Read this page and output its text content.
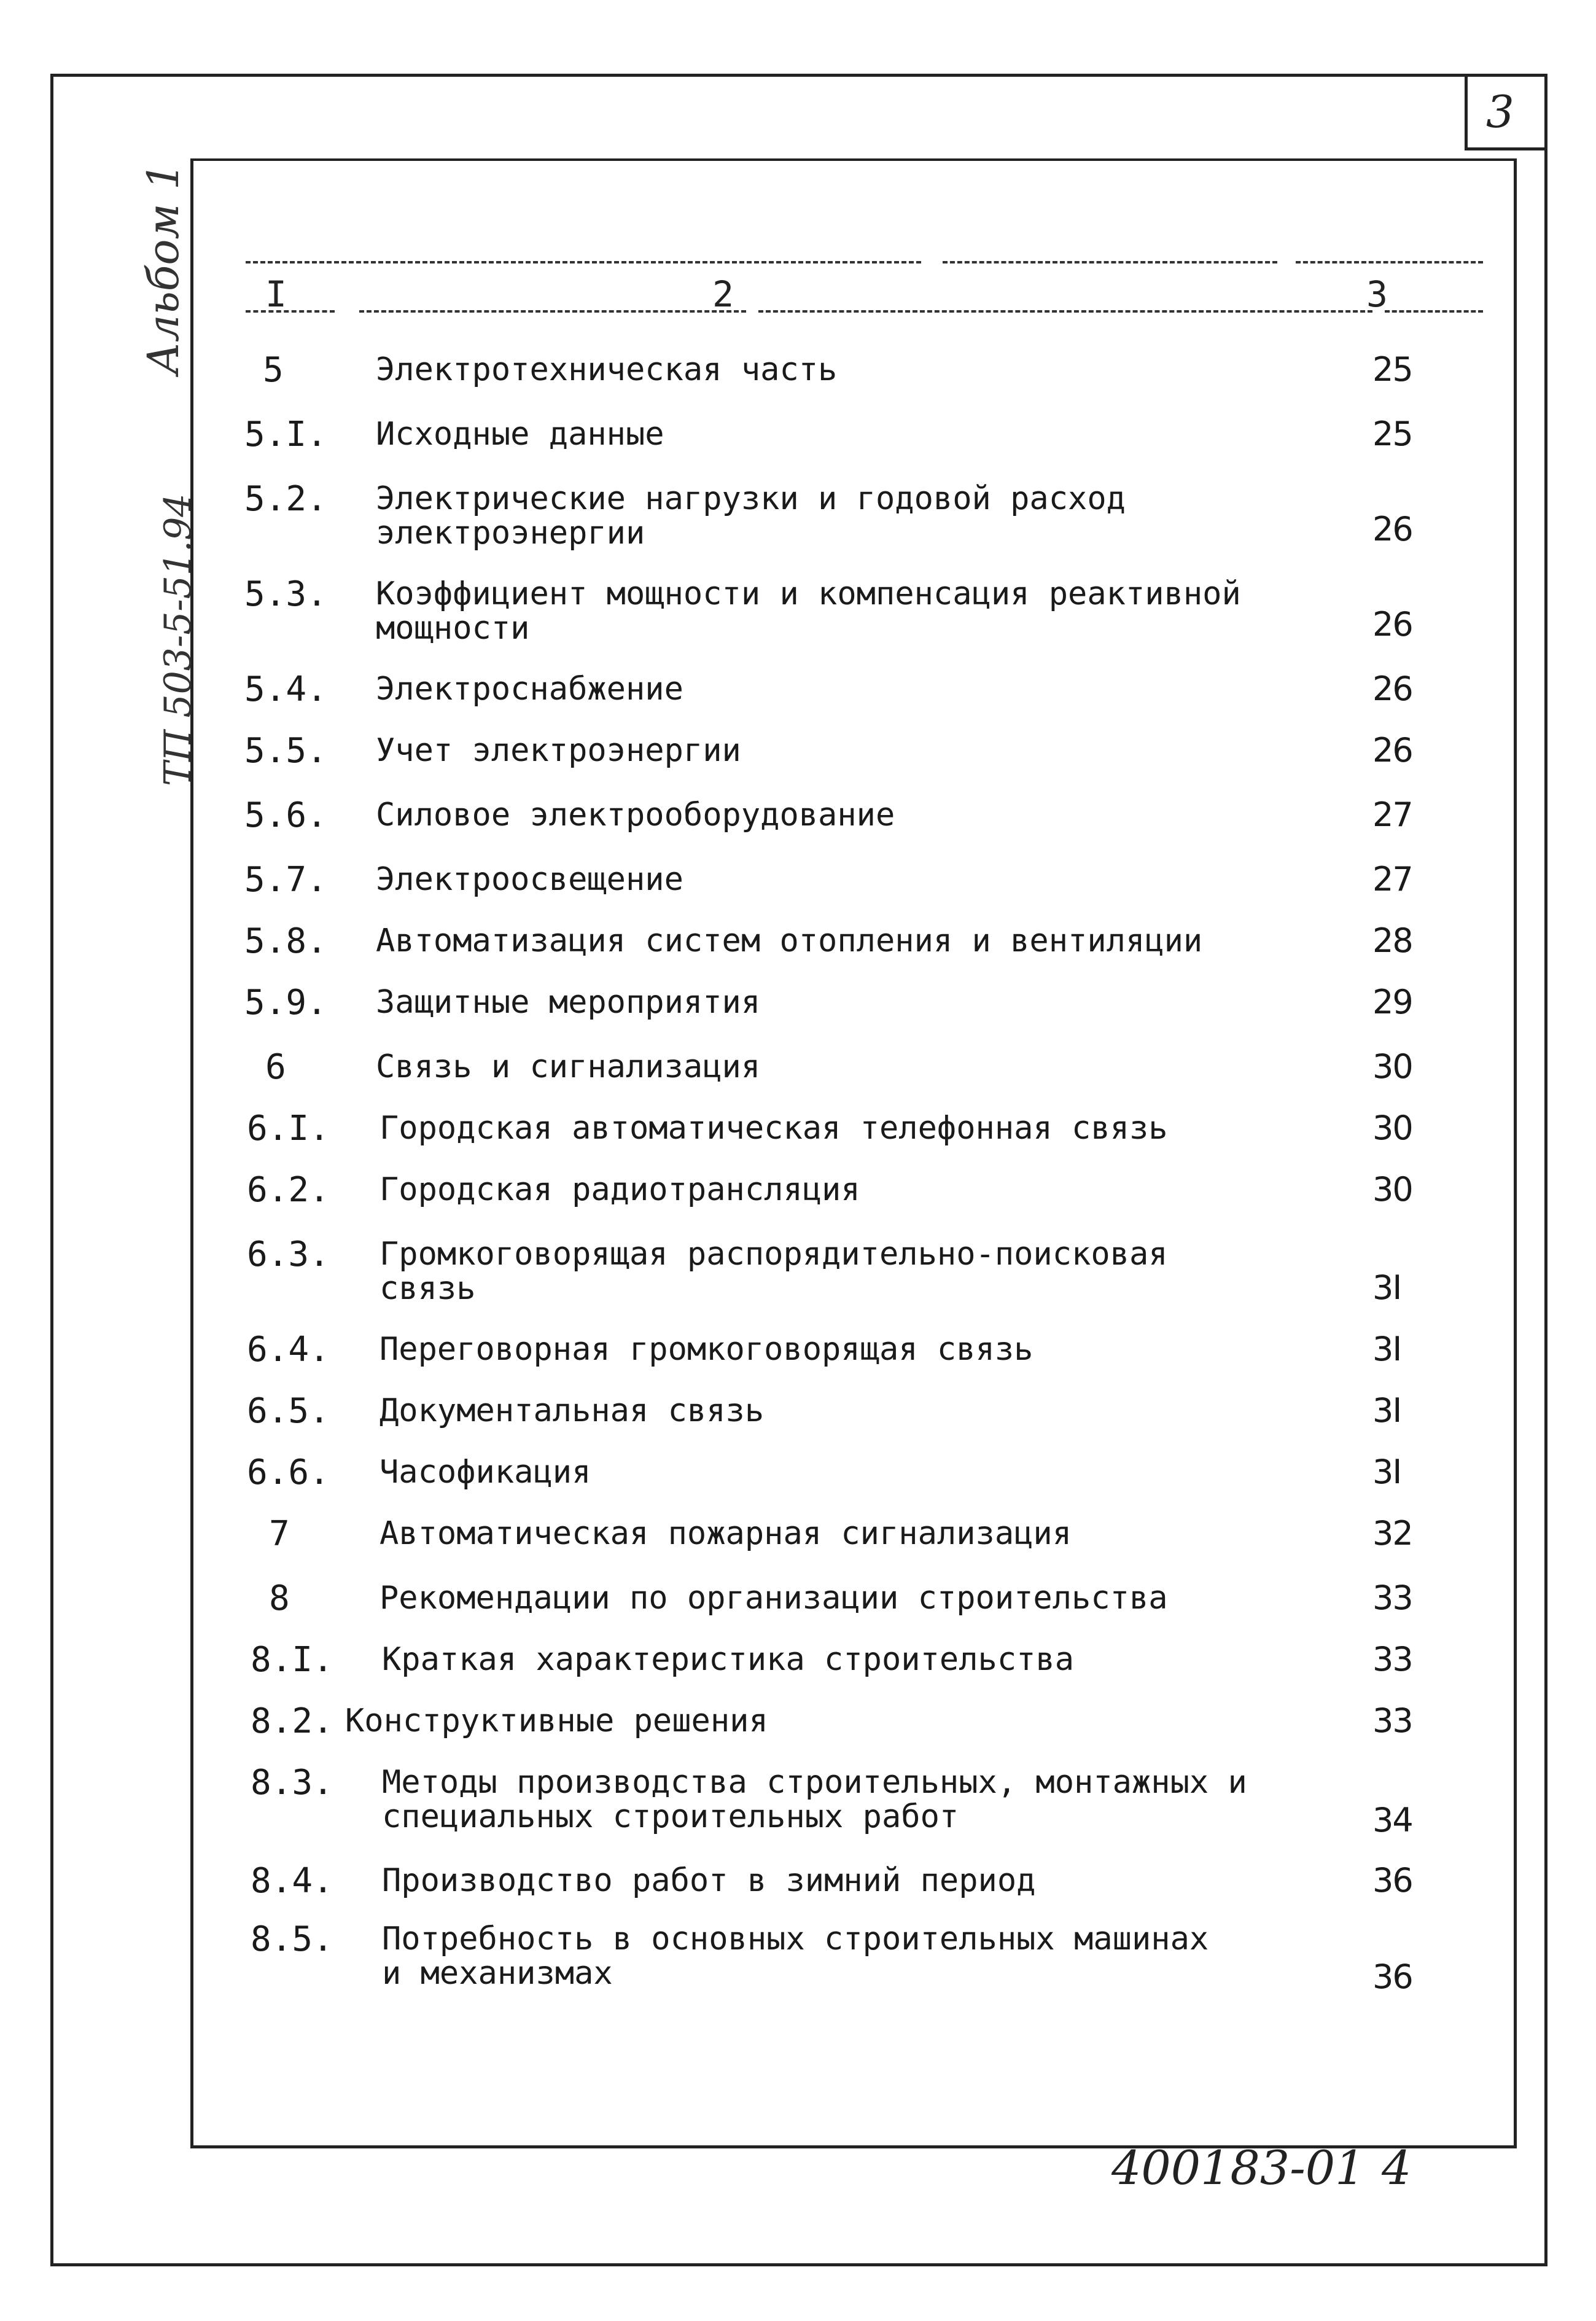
3
Альбом 1
ТП 503-5-51.94
I	2	3
5	Электротехническая часть	25
5.I. Исходные данные	25
5.2. Электрические нагрузки и годовой расход
электроэнергии	26
5.3. Коэффициент мощности и компенсация реактивной
мощности	26
5.4. Электроснабжение	26
5.5. Учет электроэнергии	26
5.6. Силовое электрооборудование	27
5.7. Электроосвещение	27
5.8. Автоматизация систем отопления и вентиляции	28
5.9. Защитные мероприятия	29
6	Связь и сигнализация	30
6.I. Городская автоматическая телефонная связь	30
6.2. Городская радиотрансляция	30
6.3. Громкоговорящая распорядительно-поисковая
связь	3I
6.4. Переговорная громкоговорящая связь	3I
6.5. Документальная связь	3I
6.6. Часофикация	3I
7	Автоматическая пожарная сигнализация	32
8	Рекомендации по организации строительства	33
8.I. Краткая характеристика строительства	33
8.2. Конструктивные решения	33
8.3. Методы производства строительных, монтажных и
специальных строительных работ	34
8.4. Производство работ в зимний период	36
8.5. Потребность в основных строительных машинах
и механизмах	36
400183-01 4
